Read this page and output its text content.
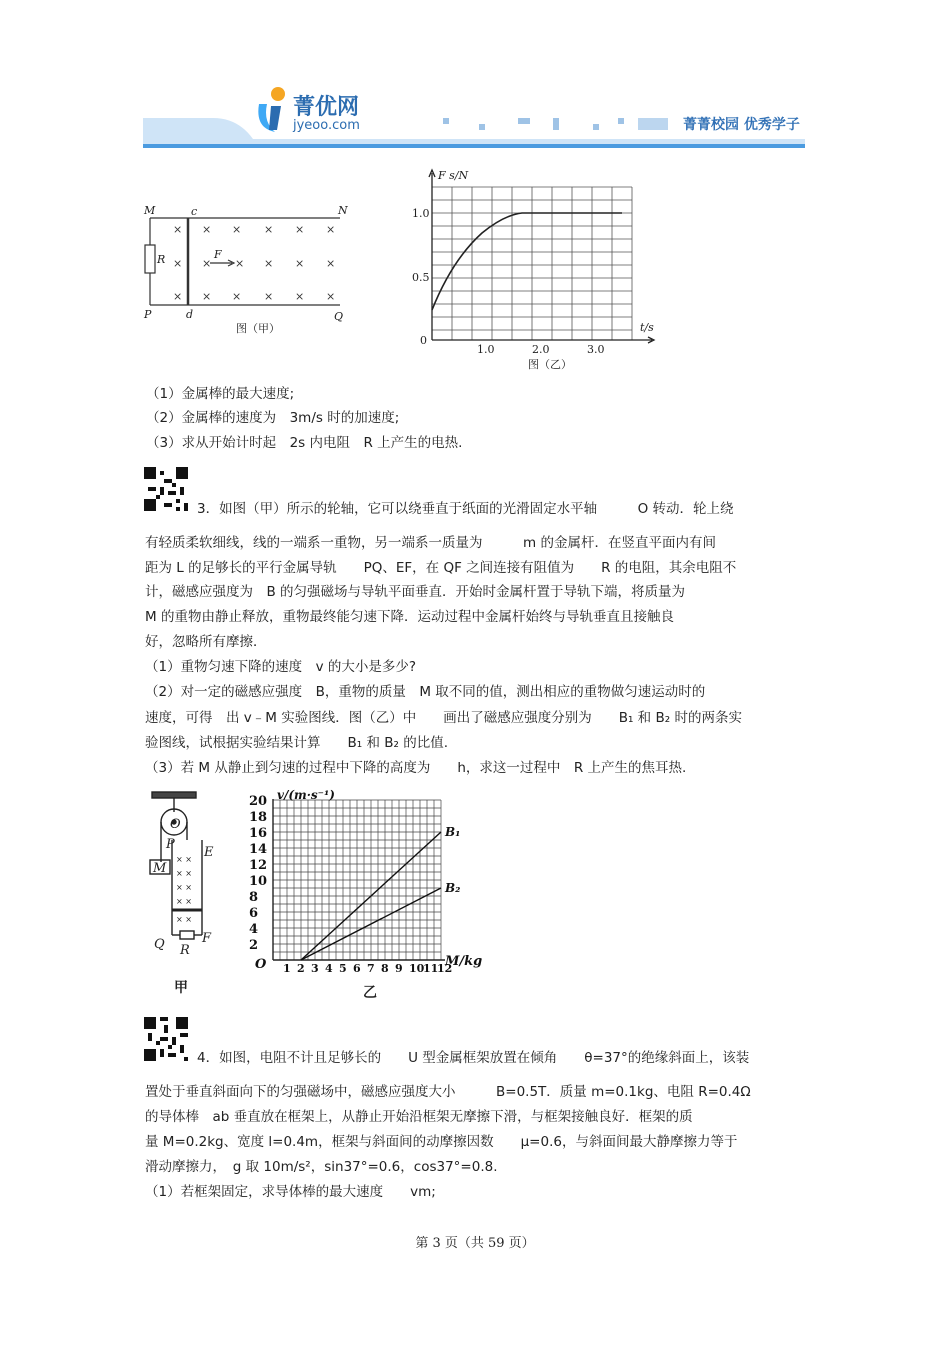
菁优网
jyeoo.com	菁菁校园 优秀学子
×
×
×
×
×
×
×
×
×
×
×
×
×
×
×
×
×
×
M	N
P	Q
c
d
R	F
图（甲）
F s/N
t/s
0
1.0	2.0	3.0
1.0
0.5
图（乙）
（1）金属棒的最大速度;
（2）金属棒的速度为　3m/s 时的加速度;
（3）求从开始计时起　2s 内电阻　R 上产生的电热.
3．如图（甲）所示的轮轴，它可以绕垂直于纸面的光滑固定水平轴　　　O 转动．轮上绕
有轻质柔软细线，线的一端系一重物，另一端系一质量为　　　m 的金属杆．在竖直平面内有间
距为 L 的足够长的平行金属导轨　　PQ、EF，在 QF 之间连接有阻值为　　R 的电阻，其余电阻不
计，磁感应强度为　B 的匀强磁场与导轨平面垂直．开始时金属杆置于导轨下端，将质量为
M 的重物由静止释放，重物最终能匀速下降．运动过程中金属杆始终与导轨垂直且接触良
好，忽略所有摩擦．
（1）重物匀速下降的速度　v 的大小是多少?
（2）对一定的磁感应强度　B，重物的质量　M 取不同的值，测出相应的重物做匀速运动时的
速度，可得　出 v﹣M 实验图线．图（乙）中　　画出了磁感应强度分别为　　B₁ 和 B₂ 时的两条实
验图线，试根据实验结果计算　　B₁ 和 B₂ 的比值.
（3）若 M 从静止到匀速的过程中下降的高度为　　h，求这一过程中　R 上产生的焦耳热.
× ×
× ×
× ×
× ×
× ×
O
P
M
E
Q R
F
甲
B₁
B₂
v/(m·s⁻¹)
M/kg
O
20
18
16
14
12
10
8
6
4
2
1 2 3 4 5 6 7 8 9 10
11
12
乙
4．如图，电阻不计且足够长的　　U 型金属框架放置在倾角　　θ=37°的绝缘斜面上，该装
置处于垂直斜面向下的匀强磁场中，磁感应强度大小　　　B=0.5T．质量 m=0.1kg、电阻 R=0.4Ω
的导体棒　ab 垂直放在框架上，从静止开始沿框架无摩擦下滑，与框架接触良好．框架的质
量 M=0.2kg、宽度 l=0.4m，框架与斜面间的动摩擦因数　　μ=0.6，与斜面间最大静摩擦力等于
滑动摩擦力，　g 取 10m/s²，sin37°=0.6，cos37°=0.8.
（1）若框架固定，求导体棒的最大速度　　vm;
第 3 页（共 59 页）
